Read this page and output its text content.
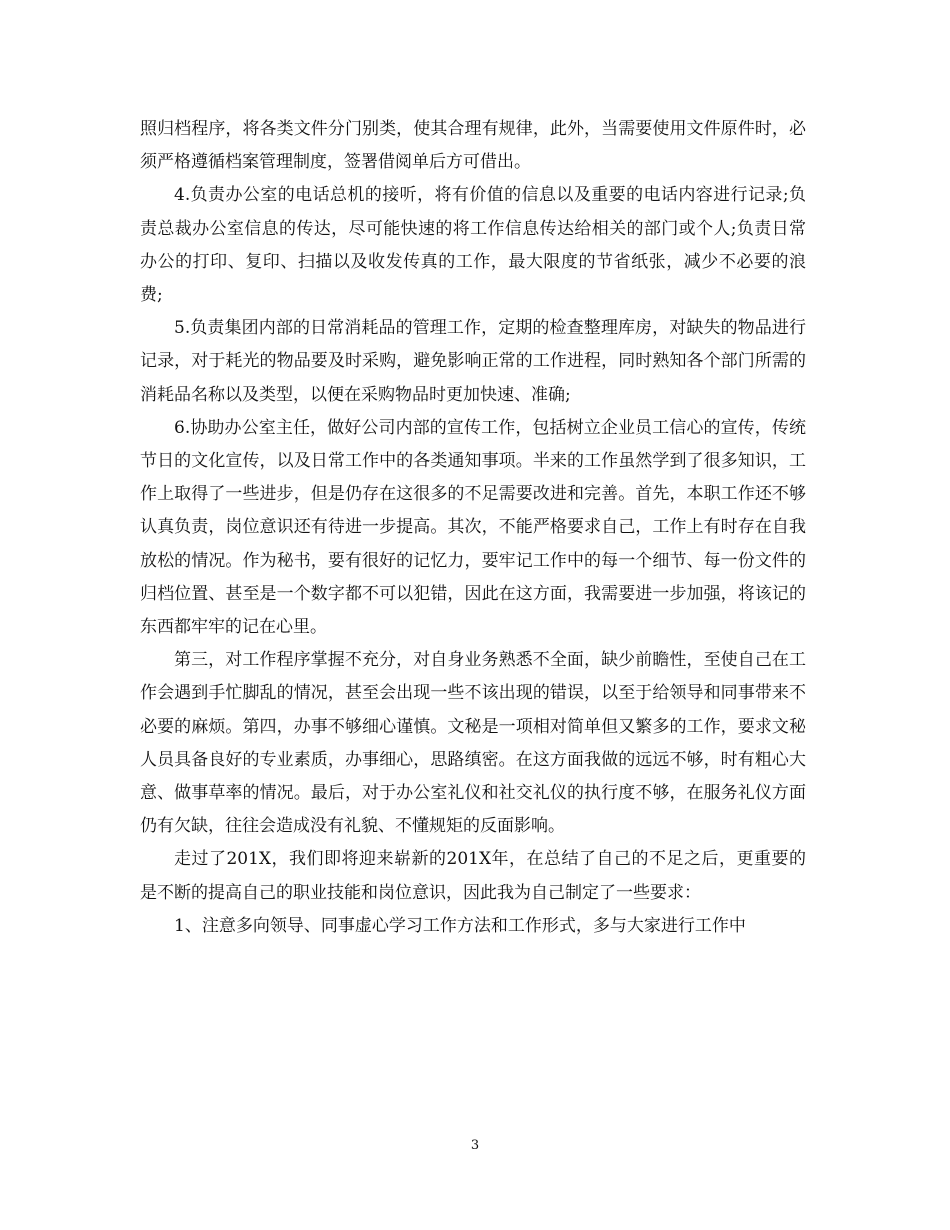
照归档程序，将各类文件分门别类，使其合理有规律，此外，当需要使用文件原件时，必须严格遵循档案管理制度，签署借阅单后方可借出。

4.负责办公室的电话总机的接听，将有价值的信息以及重要的电话内容进行记录;负责总裁办公室信息的传达，尽可能快速的将工作信息传达给相关的部门或个人;负责日常办公的打印、复印、扫描以及收发传真的工作，最大限度的节省纸张，减少不必要的浪费;

5.负责集团内部的日常消耗品的管理工作，定期的检查整理库房，对缺失的物品进行记录，对于耗光的物品要及时采购，避免影响正常的工作进程，同时熟知各个部门所需的消耗品名称以及类型，以便在采购物品时更加快速、准确;

6.协助办公室主任，做好公司内部的宣传工作，包括树立企业员工信心的宣传，传统节日的文化宣传，以及日常工作中的各类通知事项。半来的工作虽然学到了很多知识，工作上取得了一些进步，但是仍存在这很多的不足需要改进和完善。首先，本职工作还不够认真负责，岗位意识还有待进一步提高。其次，不能严格要求自己，工作上有时存在自我放松的情况。作为秘书，要有很好的记忆力，要牢记工作中的每一个细节、每一份文件的归档位置、甚至是一个数字都不可以犯错，因此在这方面，我需要进一步加强，将该记的东西都牢牢的记在心里。

第三，对工作程序掌握不充分，对自身业务熟悉不全面，缺少前瞻性，至使自己在工作会遇到手忙脚乱的情况，甚至会出现一些不该出现的错误，以至于给领导和同事带来不必要的麻烦。第四，办事不够细心谨慎。文秘是一项相对简单但又繁多的工作，要求文秘人员具备良好的专业素质，办事细心，思路缜密。在这方面我做的远远不够，时有粗心大意、做事草率的情况。最后，对于办公室礼仪和社交礼仪的执行度不够，在服务礼仪方面仍有欠缺，往往会造成没有礼貌、不懂规矩的反面影响。

走过了201X，我们即将迎来崭新的201X年，在总结了自己的不足之后，更重要的是不断的提高自己的职业技能和岗位意识，因此我为自己制定了一些要求：

1、注意多向领导、同事虚心学习工作方法和工作形式，多与大家进行工作中

3
